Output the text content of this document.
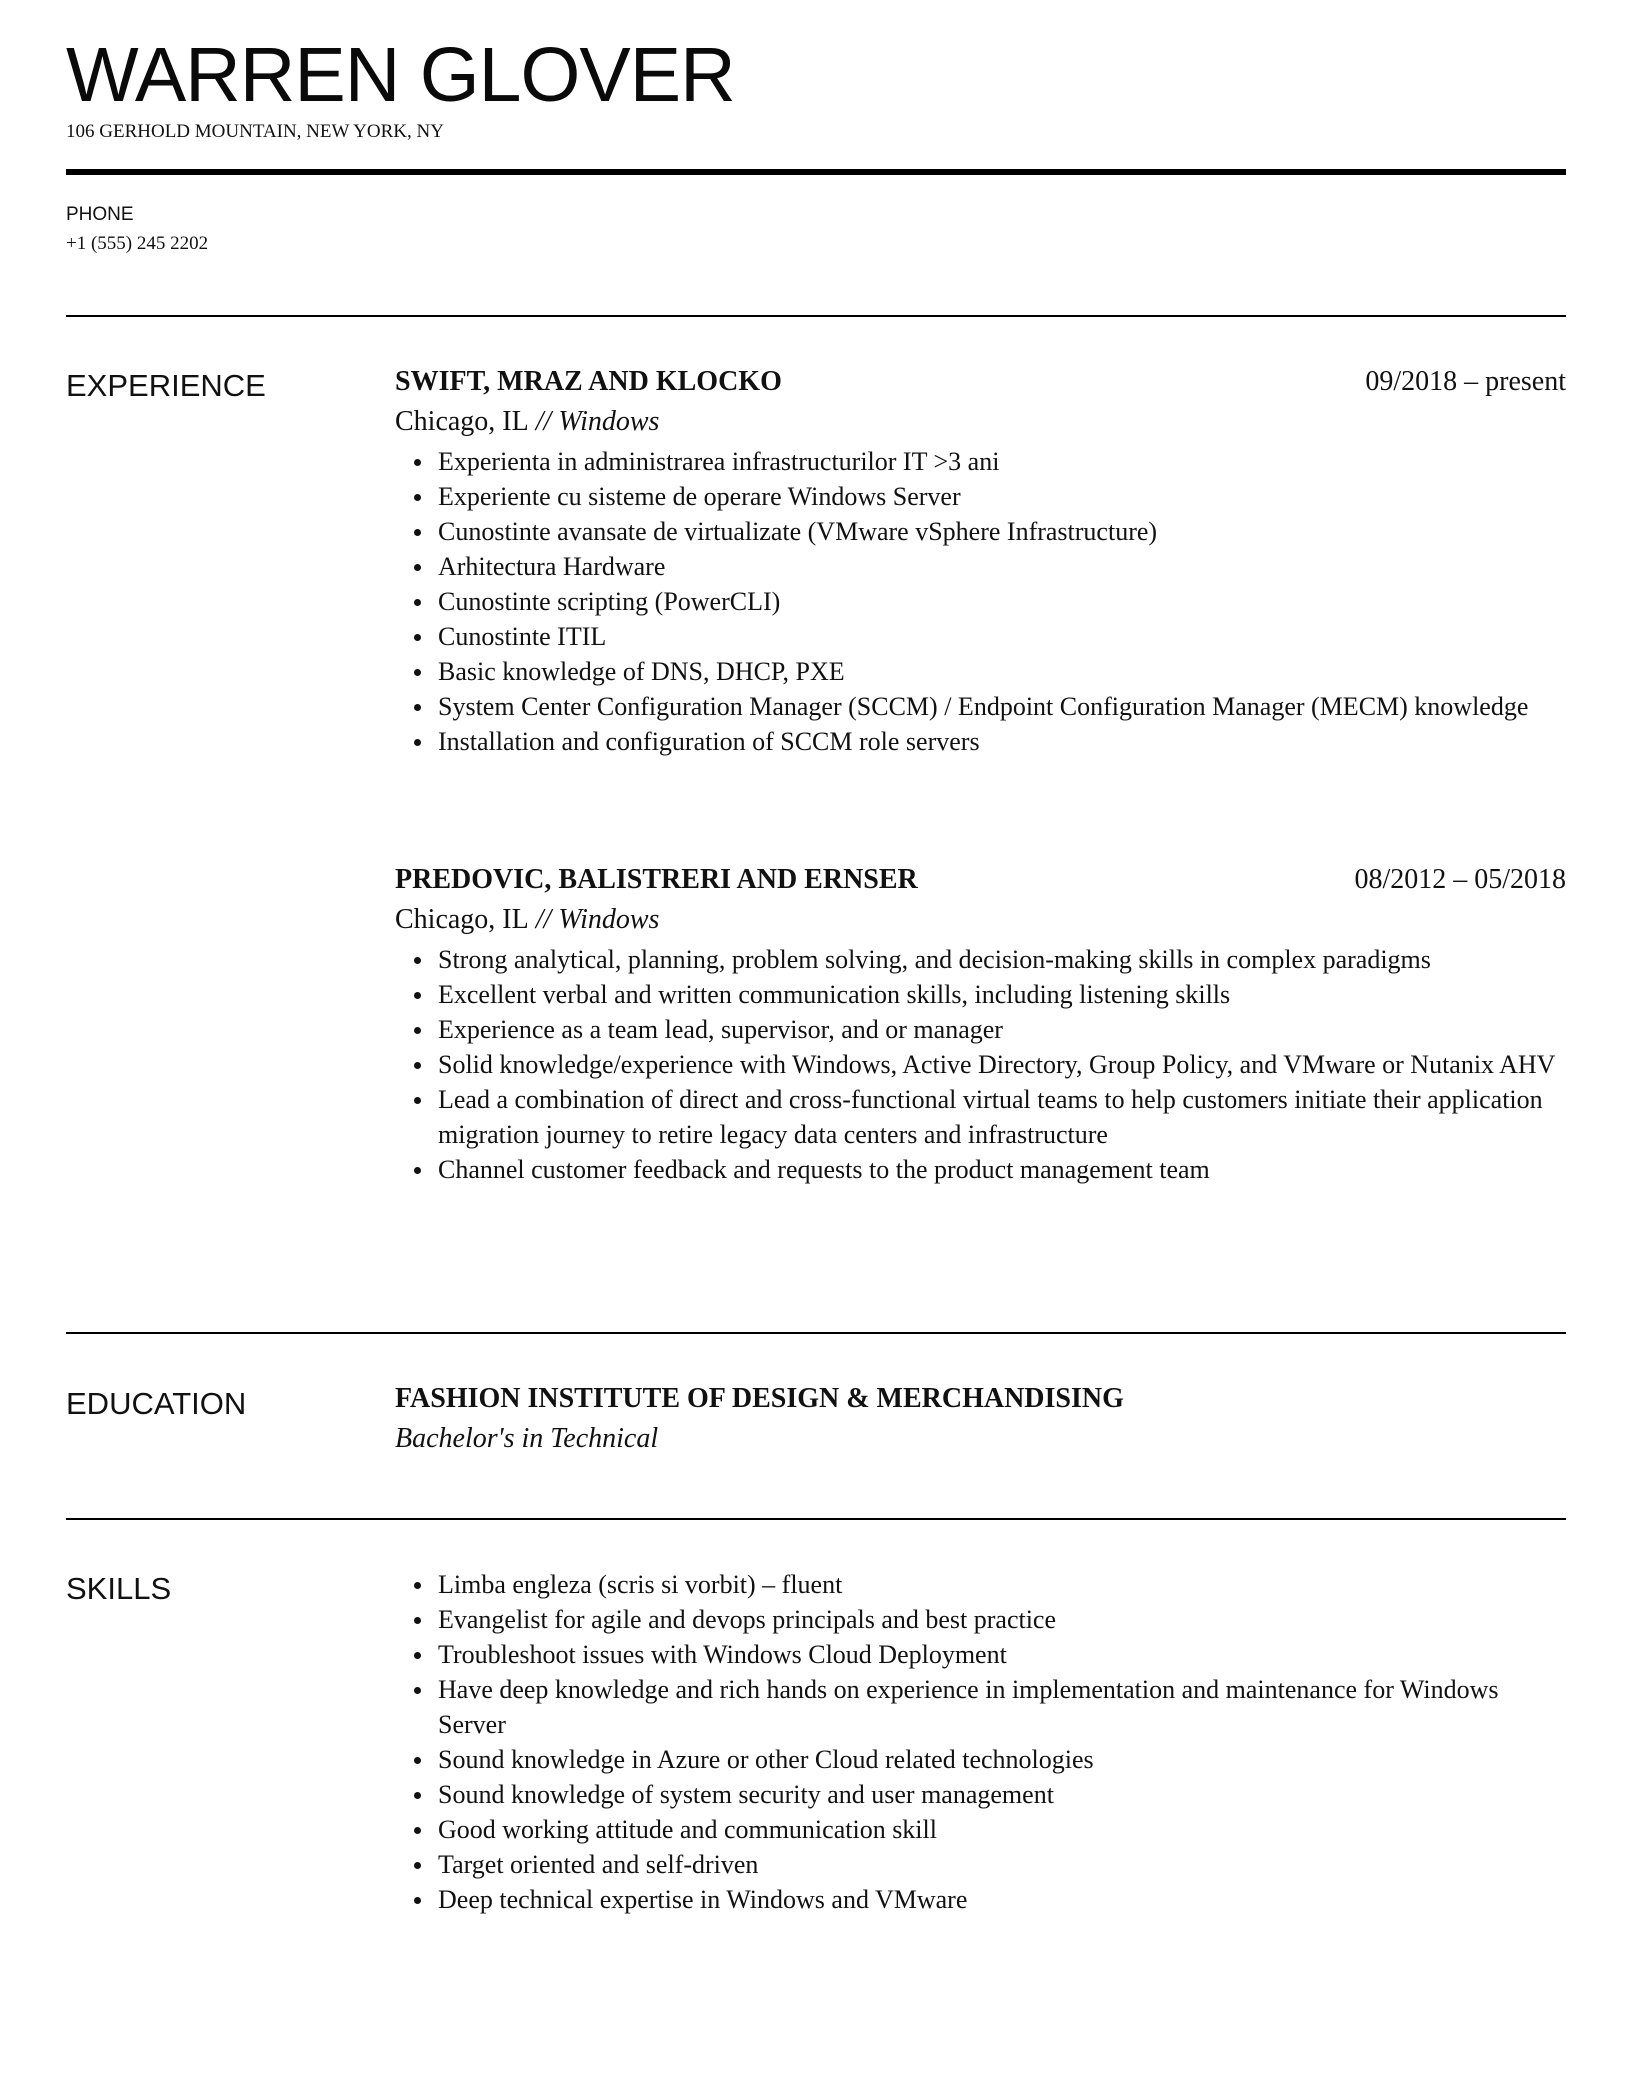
WARREN GLOVER
106 GERHOLD MOUNTAIN, NEW YORK, NY
PHONE
+1 (555) 245 2202
EXPERIENCE	SWIFT, MRAZ AND KLOCKO	09/2018 – present
Chicago, IL // Windows
Experienta in administrarea infrastructurilor IT >3 ani
Experiente cu sisteme de operare Windows Server
Cunostinte avansate de virtualizate (VMware vSphere Infrastructure)
Arhitectura Hardware
Cunostinte scripting (PowerCLI)
Cunostinte ITIL
Basic knowledge of DNS, DHCP, PXE
System Center Configuration Manager (SCCM) / Endpoint Configuration Manager (MECM) knowledge
Installation and configuration of SCCM role servers
PREDOVIC, BALISTRERI AND ERNSER	08/2012 – 05/2018
Chicago, IL // Windows
Strong analytical, planning, problem solving, and decision-making skills in complex paradigms
Excellent verbal and written communication skills, including listening skills
Experience as a team lead, supervisor, and or manager
Solid knowledge/experience with Windows, Active Directory, Group Policy, and VMware or Nutanix AHV
Lead a combination of direct and cross-functional virtual teams to help customers initiate their application migration journey to retire legacy data centers and infrastructure
Channel customer feedback and requests to the product management team
EDUCATION	FASHION INSTITUTE OF DESIGN & MERCHANDISING
Bachelor's in Technical
SKILLS	Limba engleza (scris si vorbit) – fluent
Evangelist for agile and devops principals and best practice
Troubleshoot issues with Windows Cloud Deployment
Have deep knowledge and rich hands on experience in implementation and maintenance for Windows Server
Sound knowledge in Azure or other Cloud related technologies
Sound knowledge of system security and user management
Good working attitude and communication skill
Target oriented and self-driven
Deep technical expertise in Windows and VMware
